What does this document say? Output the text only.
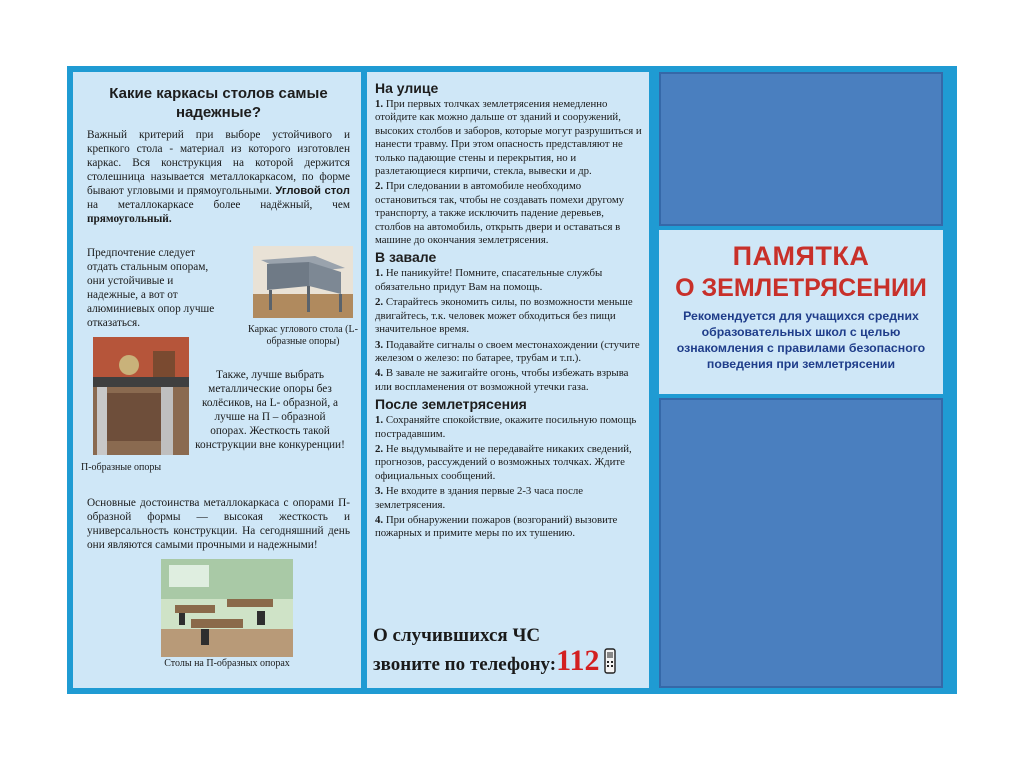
Какие каркасы столов самые надежные?

Важный критерий при выборе устойчивого и крепкого стола - материал из которого изготовлен каркас. Вся конструкция на которой держится столешница называется металлокаркасом, по форме бывают угловыми и прямоугольными. Угловой стол на металлокаркасе более надёжный, чем прямоугольный.

Предпочтение следует отдать стальным опорам, они устойчивые и надежные, а вот от алюминиевых опор лучше отказаться.

Каркас углового стола (L-образные опоры)

Также, лучше выбрать металлические опоры без колёсиков, на L- образной, а лучше на П – образной опорах. Жесткость такой конструкции вне конкуренции!

П-образные опоры

Основные достоинства металлокаркаса с опорами П-образной формы — высокая жесткость и универсальность конструкции. На сегодняшний день они являются самыми прочными и надежными!

Столы на П-образных опорах

На улице

1. При первых толчках землетрясения немедленно отойдите как можно дальше от зданий и сооружений, высоких столбов и заборов, которые могут разрушиться и нанести травму. При этом опасность представляют не только падающие стены и перекрытия, но и разлетающиеся кирпичи, стекла, вывески и др.

2. При следовании в автомобиле необходимо остановиться так, чтобы не создавать помехи другому транспорту, а также исключить падение деревьев, столбов на автомобиль, открыть двери и оставаться в машине до окончания землетрясения.

В завале

1. Не паникуйте! Помните, спасательные службы обязательно придут Вам на помощь.

2. Старайтесь экономить силы, по возможности меньше двигайтесь, т.к. человек может обходиться без пищи значительное время.

3. Подавайте сигналы о своем местонахождении (стучите железом о железо: по батарее, трубам и т.п.).

4. В завале не зажигайте огонь, чтобы избежать взрыва или воспламенения от возможной утечки газа.

После землетрясения

1. Сохраняйте спокойствие, окажите посильную помощь пострадавшим.

2. Не выдумывайте и не передавайте никаких сведений, прогнозов, рассуждений о возможных толчках. Ждите официальных сообщений.

3. Не входите в здания первые 2-3 часа после землетрясения.

4. При обнаружении пожаров (возгораний) вызовите пожарных и примите меры по их тушению.

О случившихся ЧС
звоните по телефону:112
ПАМЯТКА
О ЗЕМЛЕТРЯСЕНИИ
Рекомендуется для учащихся средних образовательных школ с целью ознакомления с правилами безопасного поведения при землетрясении
